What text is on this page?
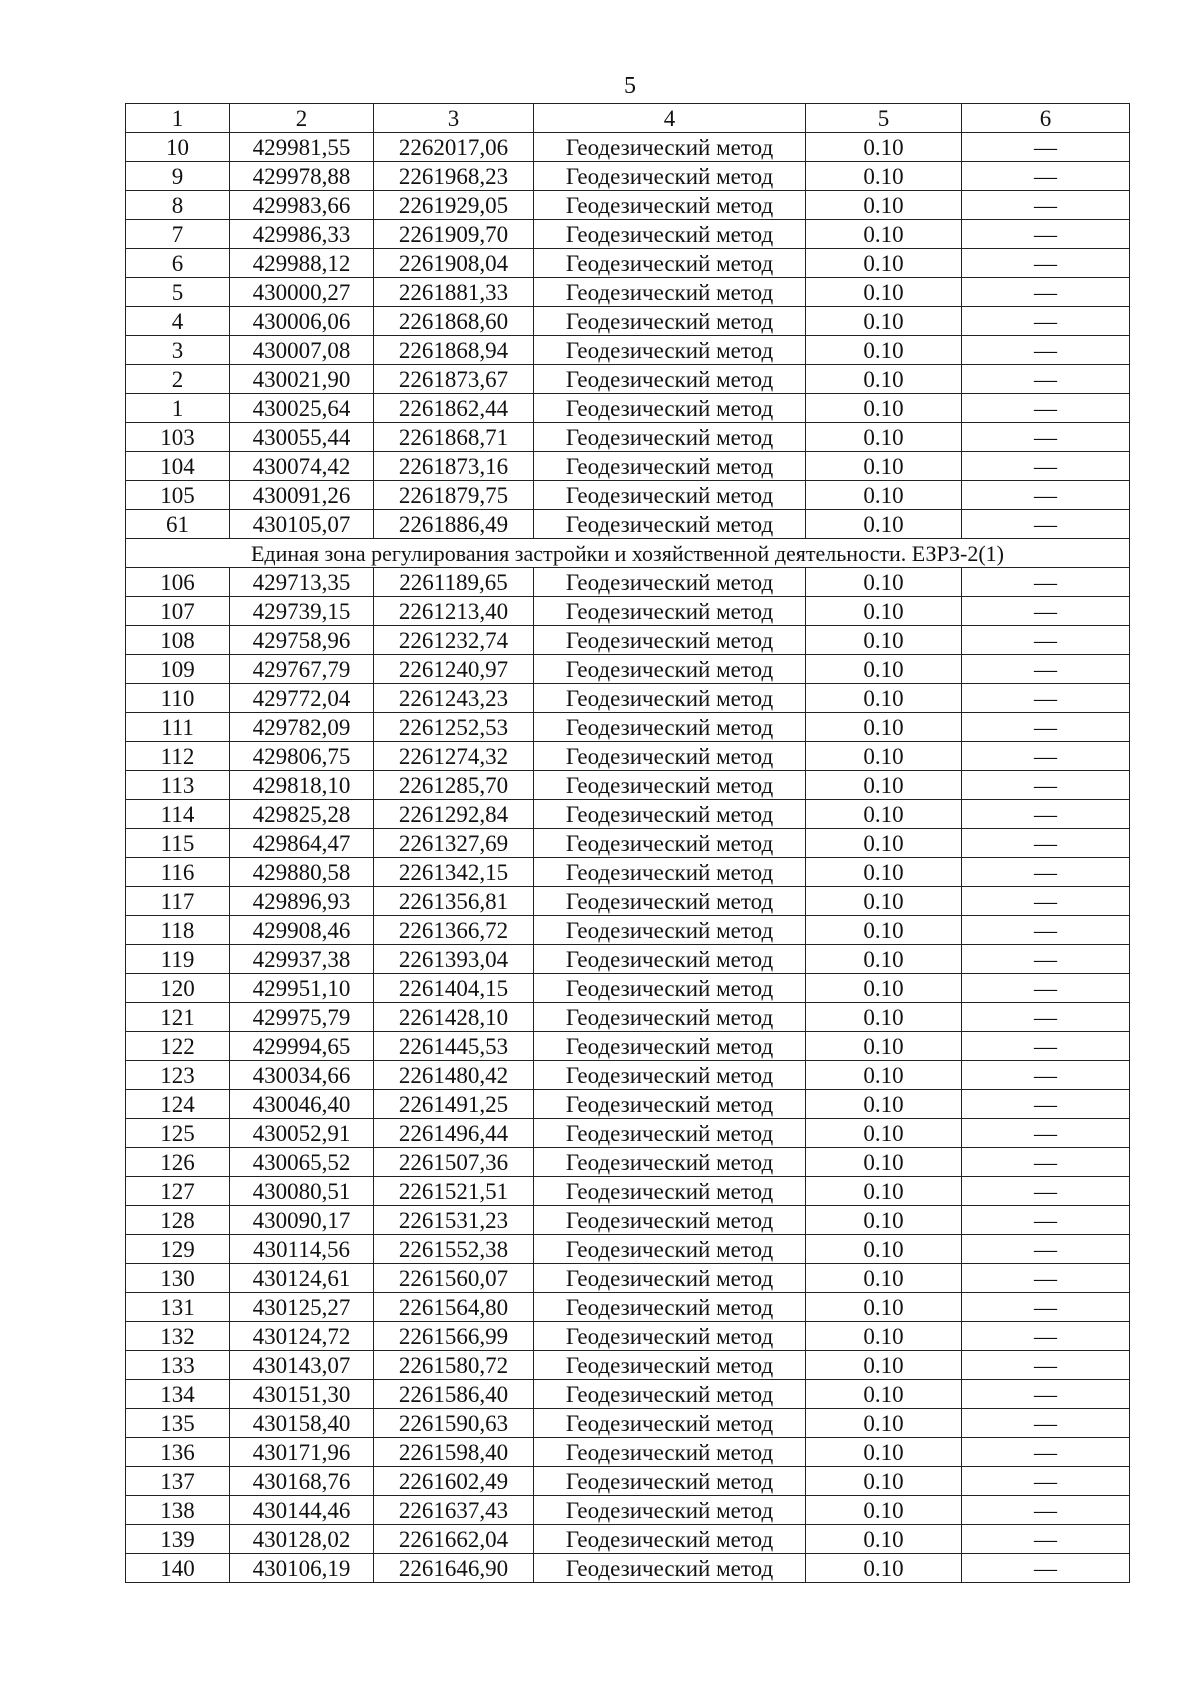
5
1	2	3	4	5	6
10	429981,55	2262017,06	Геодезический метод	0.10	—
9	429978,88	2261968,23	Геодезический метод	0.10	—
8	429983,66	2261929,05	Геодезический метод	0.10	—
7	429986,33	2261909,70	Геодезический метод	0.10	—
6	429988,12	2261908,04	Геодезический метод	0.10	—
5	430000,27	2261881,33	Геодезический метод	0.10	—
4	430006,06	2261868,60	Геодезический метод	0.10	—
3	430007,08	2261868,94	Геодезический метод	0.10	—
2	430021,90	2261873,67	Геодезический метод	0.10	—
1	430025,64	2261862,44	Геодезический метод	0.10	—
103	430055,44	2261868,71	Геодезический метод	0.10	—
104	430074,42	2261873,16	Геодезический метод	0.10	—
105	430091,26	2261879,75	Геодезический метод	0.10	—
61	430105,07	2261886,49	Геодезический метод	0.10	—
Единая зона регулирования застройки и хозяйственной деятельности. ЕЗРЗ-2(1)					
106	429713,35	2261189,65	Геодезический метод	0.10	—
107	429739,15	2261213,40	Геодезический метод	0.10	—
108	429758,96	2261232,74	Геодезический метод	0.10	—
109	429767,79	2261240,97	Геодезический метод	0.10	—
110	429772,04	2261243,23	Геодезический метод	0.10	—
111	429782,09	2261252,53	Геодезический метод	0.10	—
112	429806,75	2261274,32	Геодезический метод	0.10	—
113	429818,10	2261285,70	Геодезический метод	0.10	—
114	429825,28	2261292,84	Геодезический метод	0.10	—
115	429864,47	2261327,69	Геодезический метод	0.10	—
116	429880,58	2261342,15	Геодезический метод	0.10	—
117	429896,93	2261356,81	Геодезический метод	0.10	—
118	429908,46	2261366,72	Геодезический метод	0.10	—
119	429937,38	2261393,04	Геодезический метод	0.10	—
120	429951,10	2261404,15	Геодезический метод	0.10	—
121	429975,79	2261428,10	Геодезический метод	0.10	—
122	429994,65	2261445,53	Геодезический метод	0.10	—
123	430034,66	2261480,42	Геодезический метод	0.10	—
124	430046,40	2261491,25	Геодезический метод	0.10	—
125	430052,91	2261496,44	Геодезический метод	0.10	—
126	430065,52	2261507,36	Геодезический метод	0.10	—
127	430080,51	2261521,51	Геодезический метод	0.10	—
128	430090,17	2261531,23	Геодезический метод	0.10	—
129	430114,56	2261552,38	Геодезический метод	0.10	—
130	430124,61	2261560,07	Геодезический метод	0.10	—
131	430125,27	2261564,80	Геодезический метод	0.10	—
132	430124,72	2261566,99	Геодезический метод	0.10	—
133	430143,07	2261580,72	Геодезический метод	0.10	—
134	430151,30	2261586,40	Геодезический метод	0.10	—
135	430158,40	2261590,63	Геодезический метод	0.10	—
136	430171,96	2261598,40	Геодезический метод	0.10	—
137	430168,76	2261602,49	Геодезический метод	0.10	—
138	430144,46	2261637,43	Геодезический метод	0.10	—
139	430128,02	2261662,04	Геодезический метод	0.10	—
140	430106,19	2261646,90	Геодезический метод	0.10	—
